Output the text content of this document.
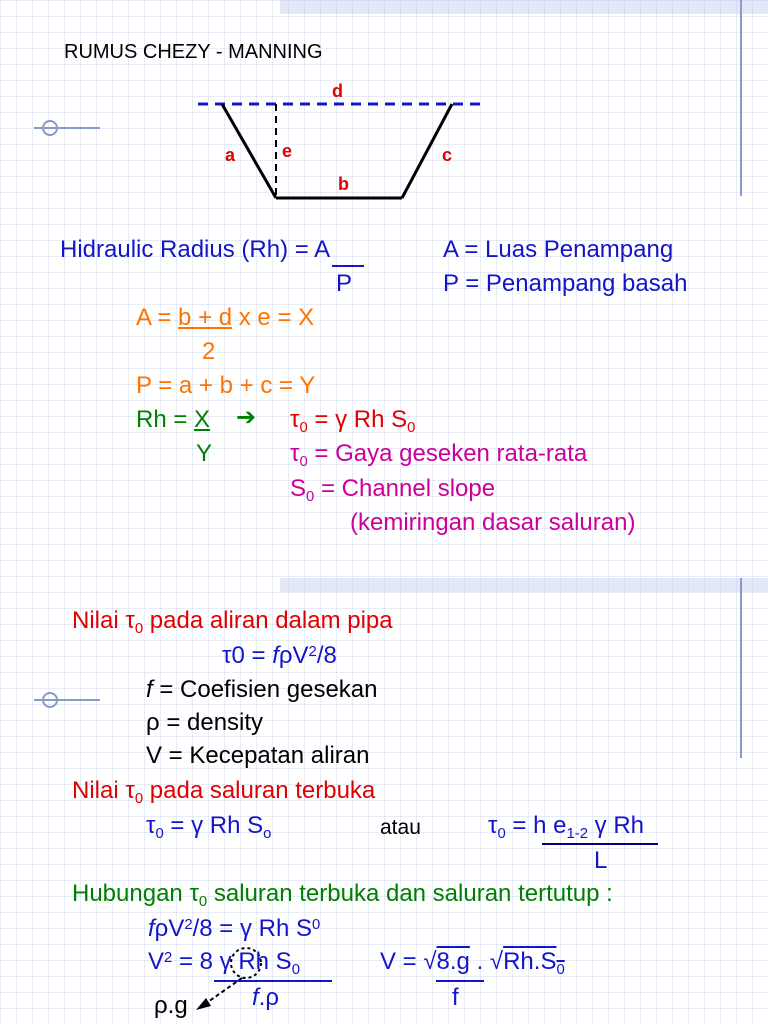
RUMUS CHEZY - MANNING
d
a	e	c
b
Hidraulic Radius (Rh) = A
P
A = Luas Penampang
P = Penampang basah
A = b + d x e = X
2
P = a + b + c = Y
Rh = X
Y
➔ τ0 = γ Rh S0
τ0 = Gaya geseken rata-rata
S0 = Channel slope
(kemiringan dasar saluran)
Nilai τ0 pada aliran dalam pipa
τ0 = fρV$^2$/8
f = Coefisien gesekan
ρ = density
V = Kecepatan aliran
Nilai τ0 pada saluran terbuka
τ0 = γ Rh So	atau	τ0 = h e1-2 γ Rh
L
Hubungan τ0 saluran terbuka dan saluran tertutup :
fρV$^2$/8 = γ Rh $S^0$
$V^2 = 8$ γ Rh S0
f.ρ
V = √8.g . √Rh.S0
f
ρ.g
